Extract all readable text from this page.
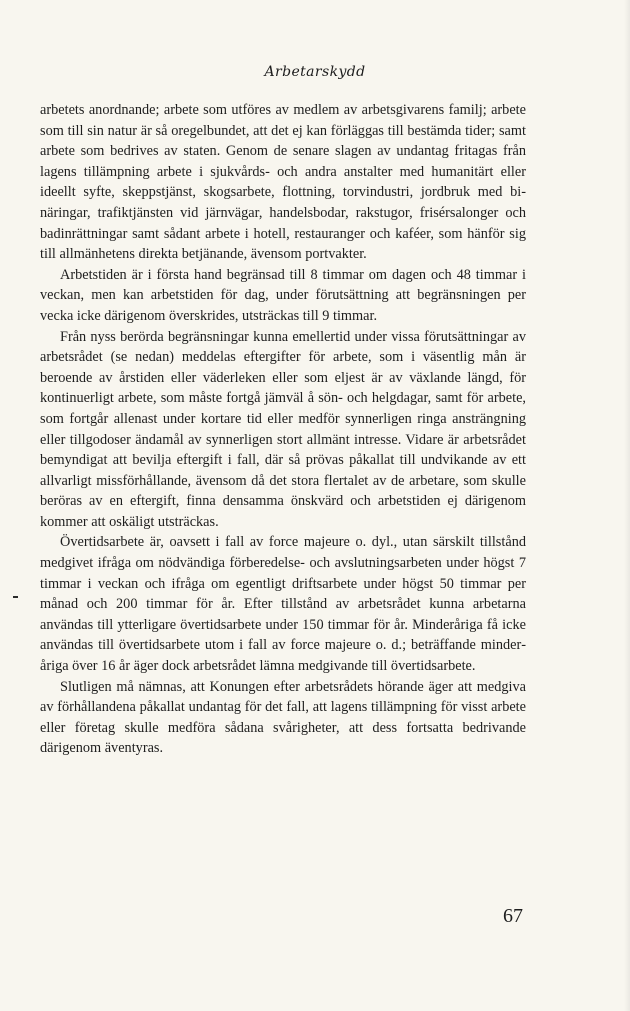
Arbetarskydd

arbetets anordnande; arbete som utföres av medlem av arbetsgivarens familj; arbete som till sin natur är så oregelbundet, att det ej kan förläggas till bestämda tider; samt arbete som bedrives av staten. Genom de senare slagen av undantag fritagas från lagens tillämpning arbete i sjukvårds- och andra anstalter med humanitärt eller ideellt syfte, skeppstjänst, skogsarbete, flottning, torvindustri, jordbruk med binäringar, trafiktjänsten vid järnvägar, handelsbodar, rakstugor, frisérsalonger och badinrättningar samt sådant arbete i hotell, restauranger och kaféer, som hänför sig till allmänhetens direkta betjänande, ävensom portvakter.

Arbetstiden är i första hand begränsad till 8 timmar om dagen och 48 timmar i veckan, men kan arbetstiden för dag, under förutsättning att begränsningen per vecka icke därigenom överskrides, utsträckas till 9 timmar.

Från nyss berörda begränsningar kunna emellertid under vissa förutsättningar av arbetsrådet (se nedan) meddelas eftergifter för arbete, som i väsentlig mån är beroende av årstiden eller väderleken eller som eljest är av växlande längd, för kontinuerligt arbete, som måste fortgå jämväl å sön- och helgdagar, samt för arbete, som fortgår allenast under kortare tid eller medför synnerligen ringa ansträngning eller tillgodoser ändamål av synnerligen stort allmänt intresse. Vidare är arbetsrådet bemyndigat att bevilja eftergift i fall, där så prövas påkallat till undvikande av ett allvarligt missförhållande, ävensom då det stora flertalet av de arbetare, som skulle beröras av en eftergift, finna densamma önskvärd och arbetstiden ej därigenom kommer att oskäligt utsträckas.

Övertidsarbete är, oavsett i fall av force majeure o. dyl., utan särskilt tillstånd medgivet ifråga om nödvändiga förberedelse- och avslutningsarbeten under högst 7 timmar i veckan och ifråga om egentligt driftsarbete under högst 50 timmar per månad och 200 timmar för år. Efter tillstånd av arbetsrådet kunna arbetarna användas till ytterligare övertidsarbete under 150 timmar för år. Minderåriga få icke användas till övertidsarbete utom i fall av force majeure o. d.; beträffande minderåriga över 16 år äger dock arbetsrådet lämna medgivande till övertidsarbete.

Slutligen må nämnas, att Konungen efter arbetsrådets hörande äger att medgiva av förhållandena påkallat undantag för det fall, att lagens tillämpning för visst arbete eller företag skulle medföra sådana svårigheter, att dess fortsatta bedrivande därigenom äventyras.

67
